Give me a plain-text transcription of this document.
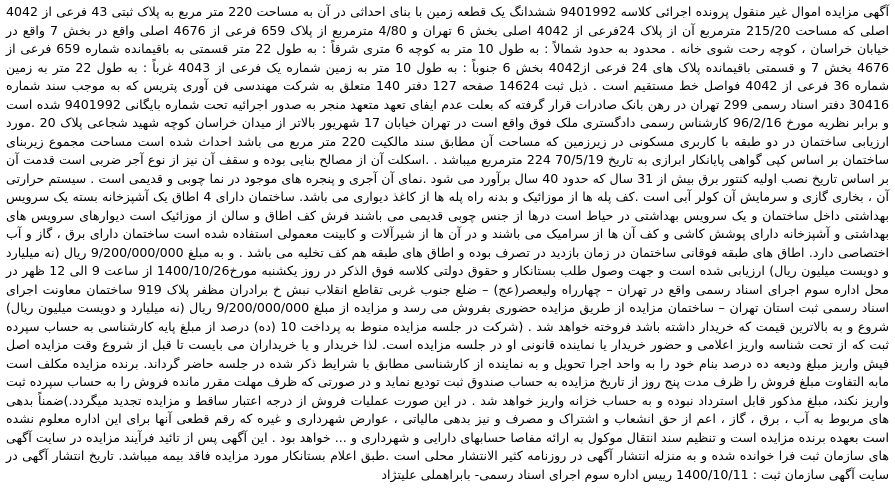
آگهی مزایده اموال غیر منقول پرونده اجرائی کلاسه 9401992 ششدانگ یک قطعه زمین با بنای احداثی در آن به مساحت 220 متر مربع به پلاک ثبتی 43 فرعی از 4042 اصلی که مساحت 215/20 مترمربع آن از پلاک 24فرعی از 4042 اصلی بخش 6 تهران و 4/80 مترمربع از پلاک 659 فرعی از 4676 اصلی واقع در بخش 7 واقع در خیابان خراسان ، کوچه رحت شوی خانه . محدود به حدود شمالاً : به طول 10 متر به کوچه 6 متری شرقاً : به طول 22 متر قسمتی به باقیمانده شماره 659 فرعی از 4676 بخش 7 و قسمتی باقیمانده پلاک های 24 فرعی از4042 بخش 6 جنوباً : به طول 10 متر به زمین شماره یک فرعی از 4043 غرباً : به طول 22 متر به زمین شماره 36 فرعی از 4042 فواصل خط مستقیم است . ذیل ثبت 14624 صفحه 127 دفتر 140 متعلق به شرکت مهندسی فن آوری پتریس که به موجب سند شماره 30416 دفتر اسناد رسمی 299 تهران در رهن بانک صادرات قرار گرفته که بعلت عدم ایفای تعهد متعهد منجر به صدور اجرائیه تحت شماره بایگانی 9401992 شده است و برابر نظریه مورخ 96/2/16 کارشناس رسمی دادگستری ملک فوق واقع است در تهران خیابان 17 شهریور بالاتر از میدان خراسان کوچه شهید شجاعی پلاک 20 .مورد ارزیابی ساختمان در دو طبقه با کاربری مسکونی در زیرزمین که مساحت آن مطابق سند مالکیت 220 متر مربع می باشد احداث شده است مساحت مجموع زیربنای ساختمان بر اساس کپی گواهی پایانکار ابرازی به تاریخ 70/5/19 224 مترمربع میباشد . .اسکلت آن از مصالح بنایی بوده و سقف آن نیز از نوع آجر ضربی است قدمت آن بر اساس تاریخ نصب اولیه کنتور برق بیش از 31 سال که حدود 40 سال برآورد می شود .نمای آن آجری و پنجره های موجود در نما چوبی و قدیمی است . سیستم حرارتی آن ، بخاری گازی و سرمایش آن کولر آبی است .کف پله ها از موزائیک و بدنه راه پله ها از کاغذ دیواری می باشد. ساختمان دارای 4 اطاق یک آشپزخانه بسته یک سرویس بهداشتی داخل ساختمان و یک سرویس بهداشتی در حیاط است درها از جنس چوبی قدیمی می باشند فرش کف اطاق و سالن از موزائیک است دیوارهای سرویس های بهداشتی و آشپزخانه دارای پوشش کاشی و کف آن ها از سرامیک می باشند و در آن ها از شیرآلات و کابینت معمولی استفاده شده است ساختمان دارای برق ، گاز و آب اختصاصی دارد. اطاق های طبقه فوقانی ساختمان در زمان بازدید در تصرف بوده و اطاق های طبقه هم کف تخلیه می باشد . و به مبلغ 9/200/000/000 ریال (نه میلیارد و دویست میلیون ریال) ارزیابی شده است و جهت وصول طلب بستانکار و حقوق دولتی کلاسه فوق الذکر در روز یکشنبه مورخ1400/10/26 از ساعت 9 الی 12 ظهر در محل اداره سوم اجرای اسناد رسمی واقع در تهران – چهارراه ولیعصر(عج) – ضلع جنوب غربی تقاطع انقلاب نبش خ برادران مظفر پلاک 919 ساختمان معاونت اجرای اسناد رسمی ثبت استان تهران – ساختمان مزایده از طریق مزایده حضوری بفروش می رسد و مزایده از مبلغ 9/200/000/000 ریال (نه میلیارد و دویست میلیون ریال) شروع و به بالاترین قیمت که خریدار داشته باشد فروخته خواهد شد . (شرکت در جلسه مزایده منوط به پرداخت 10 (ده) درصد از مبلغ پایه کارشناسی به حساب سپرده ثبت که از تحت شناسه واریز اعلامی و حضور خریدار یا نماینده قانونی او در جلسه مزایده است. لذا خریدار و یا خریداران می بایست تا قبل از شروع وقت مزایده اصل فیش واریز مبلغ ودیعه ده درصد بنام خود را به واحد اجرا تحویل و به نماینده از کارشناسی مطابق با شرایط ذکر شده در جلسه حاضر گرداند. برنده مزایده مکلف است مابه التفاوت مبلغ فروش را ظرف مدت پنج روز از تاریخ مزایده به حساب صندوق ثبت تودیع نماید و در صورتی که ظرف مهلت مقرر مانده فروش را به حساب سپرده ثبت واریز نکند، مبلغ مذکور قابل استرداد نبوده و به حساب خزانه واریز خواهد شد . در این صورت عملیات فروش از درجه اعتبار ساقط و مزایده تجدید میگردد.)ضمناً بدهی های مربوط به آب ، برق ، گاز ، اعم از حق انشعاب و اشتراک و مصرف و نیز بدهی مالیاتی ، عوارض شهرداری و غیره که رقم قطعی آنها برای این اداره معلوم نشده است بعهده برنده مزایده است و تنظیم سند انتقال موکول به ارائه مفاصا حسابهای دارایی و شهرداری و ... خواهد بود . این آگهی پس از تائید فرآیند مزایده در سایت آگهی های سازمان ثبت فرا خوانده شده و به منزله انتشار آگهی در روزنامه کثیر الانتشار محلی است .طبق اعلام بستانکار مورد مزایده فاقد بیمه میباشد. تاریخ انتشار آگهی در سایت آگهی سازمان ثبت : 1400/10/11 رییس اداره سوم اجرای اسناد رسمی- بابراهملی علیتژاد
